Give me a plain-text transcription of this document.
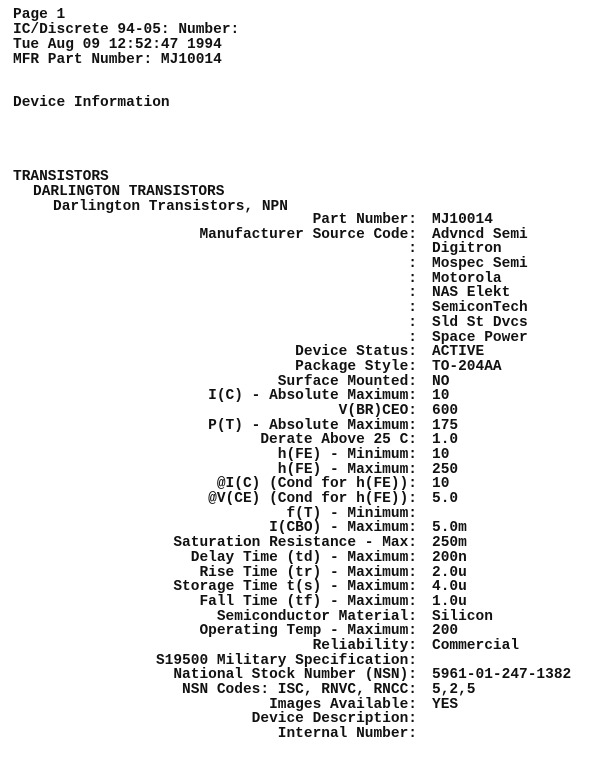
Page 1
IC/Discrete 94-05: Number:
Tue Aug 09 12:52:47 1994
MFR Part Number: MJ10014
Device Information
TRANSISTORS
DARLINGTON TRANSISTORS
Darlington Transistors, NPN
Part Number: MJ10014
Manufacturer Source Code: Advncd Semi
: Digitron
: Mospec Semi
: Motorola
: NAS Elekt
: SemiconTech
: Sld St Dvcs
: Space Power
Device Status: ACTIVE
Package Style: TO-204AA
Surface Mounted: NO
I(C) - Absolute Maximum: 10
V(BR)CEO: 600
P(T) - Absolute Maximum: 175
Derate Above 25 C: 1.0
h(FE) - Minimum: 10
h(FE) - Maximum: 250
@I(C) (Cond for h(FE)): 10
@V(CE) (Cond for h(FE)): 5.0
f(T) - Minimum:
I(CBO) - Maximum: 5.0m
Saturation Resistance - Max: 250m
Delay Time (td) - Maximum: 200n
Rise Time (tr) - Maximum: 2.0u
Storage Time t(s) - Maximum: 4.0u
Fall Time (tf) - Maximum: 1.0u
Semiconductor Material: Silicon
Operating Temp - Maximum: 200
Reliability: Commercial
S19500 Military Specification:
National Stock Number (NSN): 5961-01-247-1382
NSN Codes: ISC, RNVC, RNCC: 5,2,5
Images Available: YES
Device Description:
Internal Number:
